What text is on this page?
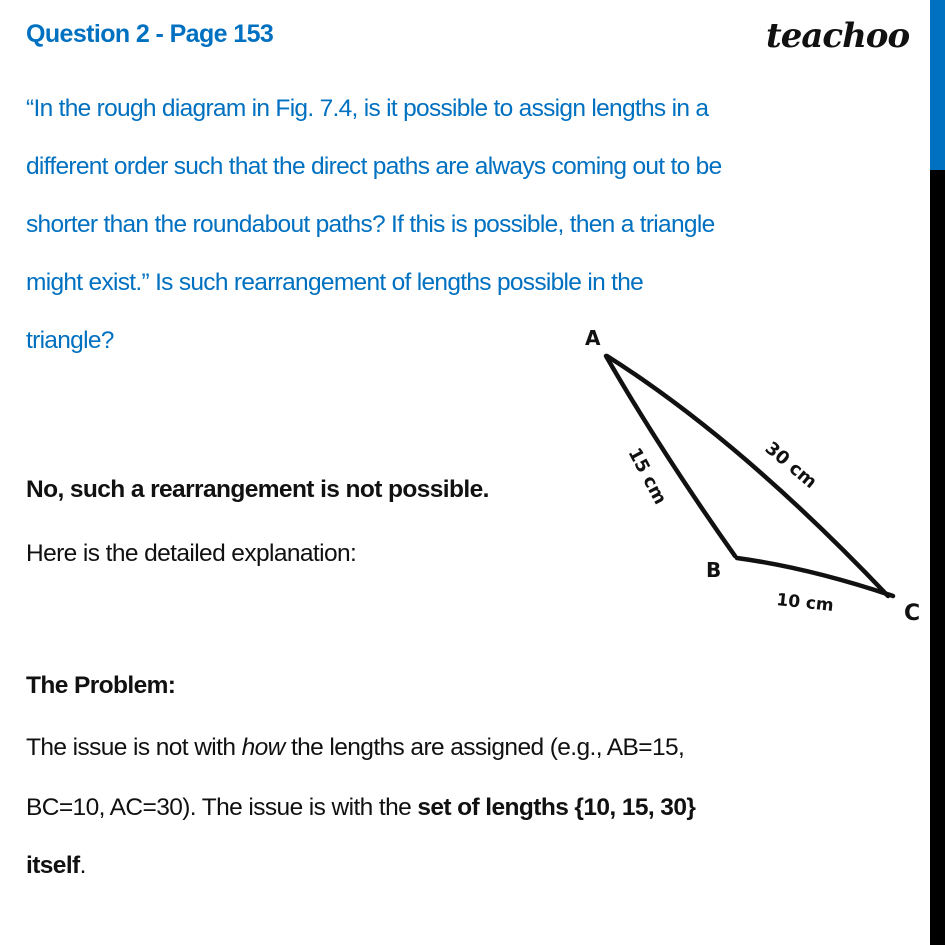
Question 2 - Page 153	teachoo
“In the rough diagram in Fig. 7.4, is it possible to assign lengths in a
different order such that the direct paths are always coming out to be
shorter than the roundabout paths? If this is possible, then a triangle
might exist.” Is such rearrangement of lengths possible in the
triangle?	A
B
C
15 cm	30 cm
10 cm
No, such a rearrangement is not possible.
Here is the detailed explanation:
The Problem:
The issue is not with how the lengths are assigned (e.g., AB=15,
BC=10, AC=30). The issue is with the set of lengths {10, 15, 30}
itself.
